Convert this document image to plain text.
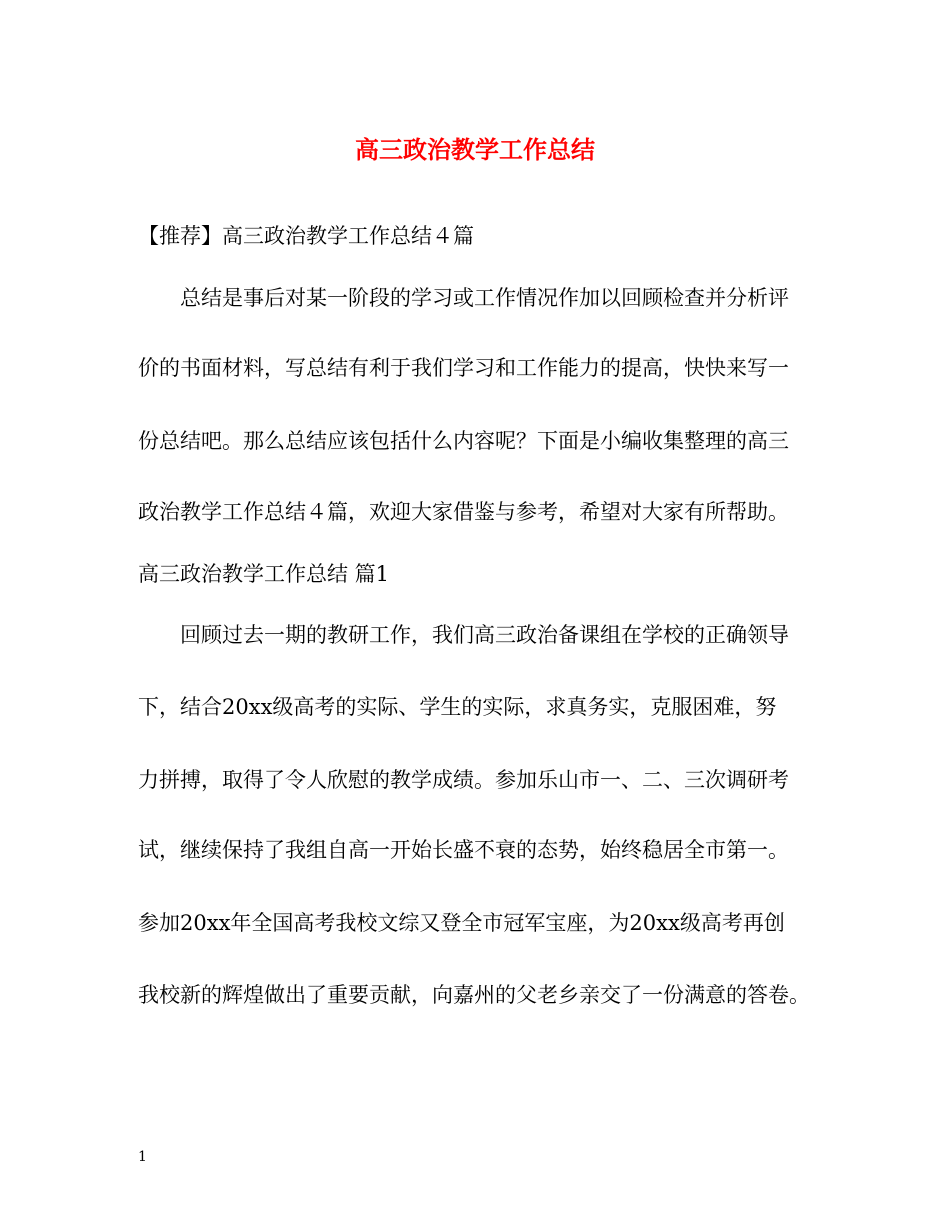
高三政治教学工作总结
【推荐】高三政治教学工作总结４篇
总结是事后对某一阶段的学习或工作情况作加以回顾检查并分析评
价的书面材料，写总结有利于我们学习和工作能力的提高，快快来写一
份总结吧。那么总结应该包括什么内容呢？下面是小编收集整理的高三
政治教学工作总结４篇，欢迎大家借鉴与参考，希望对大家有所帮助。
高三政治教学工作总结 篇1
回顾过去一期的教研工作，我们高三政治备课组在学校的正确领导
下，结合20xx级高考的实际、学生的实际，求真务实，克服困难，努
力拼搏，取得了令人欣慰的教学成绩。参加乐山市一、二、三次调研考
试，继续保持了我组自高一开始长盛不衰的态势，始终稳居全市第一。
参加20xx年全国高考我校文综又登全市冠军宝座，为20xx级高考再创
我校新的辉煌做出了重要贡献，向嘉州的父老乡亲交了一份满意的答卷。
1
